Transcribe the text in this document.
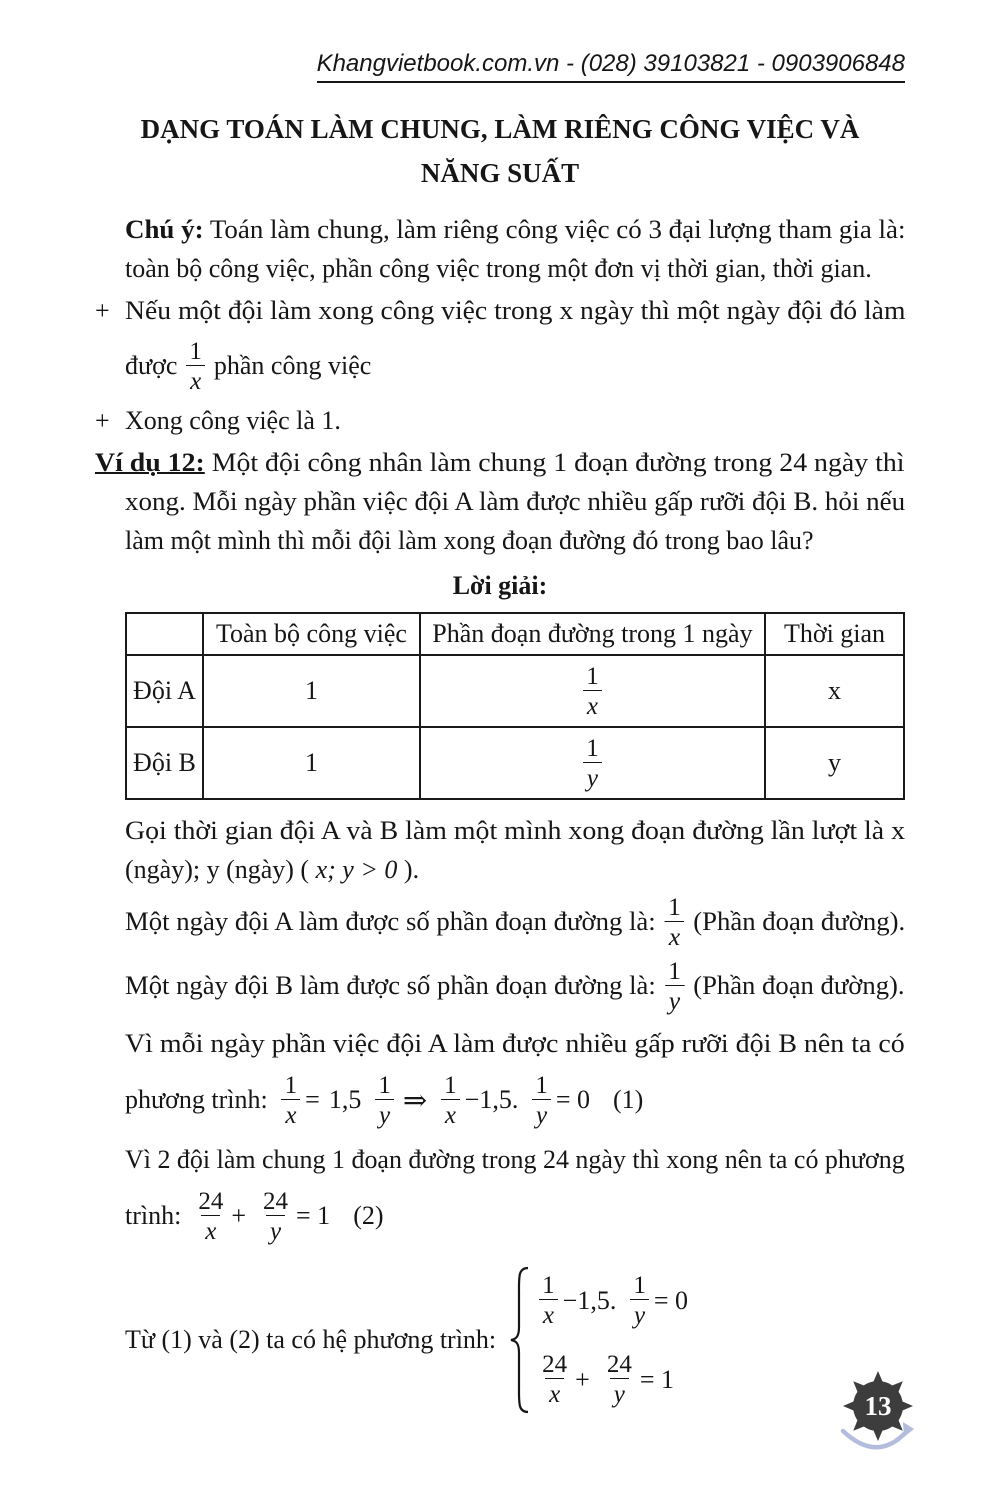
Khangvietbook.com.vn - (028) 39103821 - 0903906848
DẠNG TOÁN LÀM CHUNG, LÀM RIÊNG CÔNG VIỆC VÀ
NĂNG SUẤT
Chú ý: Toán làm chung, làm riêng công việc có 3 đại lượng tham gia là:
toàn bộ công việc, phần công việc trong một đơn vị thời gian, thời gian.
+ Nếu một đội làm xong công việc trong x ngày thì một ngày đội đó làm
được $\frac{1}{x}$ phần công việc
+ Xong công việc là 1.
Ví dụ 12: Một đội công nhân làm chung 1 đoạn đường trong 24 ngày thì
xong. Mỗi ngày phần việc đội A làm được nhiều gấp rưỡi đội B. hỏi nếu
làm một mình thì mỗi đội làm xong đoạn đường đó trong bao lâu?
Lời giải:
	Toàn bộ công việc	Phần đoạn đường trong 1 ngày	Thời gian
Đội A	1	$\frac{1}{x}$	x
Đội B	1	$\frac{1}{y}$	y
Gọi thời gian đội A và B làm một mình xong đoạn đường lần lượt là x
(ngày); y (ngày) ( x; y > 0 ).
Một ngày đội A làm được số phần đoạn đường là: $\frac{1}{x}$ (Phần đoạn đường).
Một ngày đội B làm được số phần đoạn đường là: $\frac{1}{y}$ (Phần đoạn đường).
Vì mỗi ngày phần việc đội A làm được nhiều gấp rưỡi đội B nên ta có
phương trình: $\frac{1}{x} = 1,5 \frac{1}{y}$ ⇒ $\frac{1}{x} -1,5$. $\frac{1}{y} = 0$ (1)
Vì 2 đội làm chung 1 đoạn đường trong 24 ngày thì xong nên ta có phương
trình: $\frac{24}{x} + \frac{24}{y} = 1$ (2)
Từ (1) và (2) ta có hệ phương trình:
$\frac{1}{x} -1,5$. $\frac{1}{y} = 0$
$\frac{24}{x} + \frac{24}{y} = 1$
13
